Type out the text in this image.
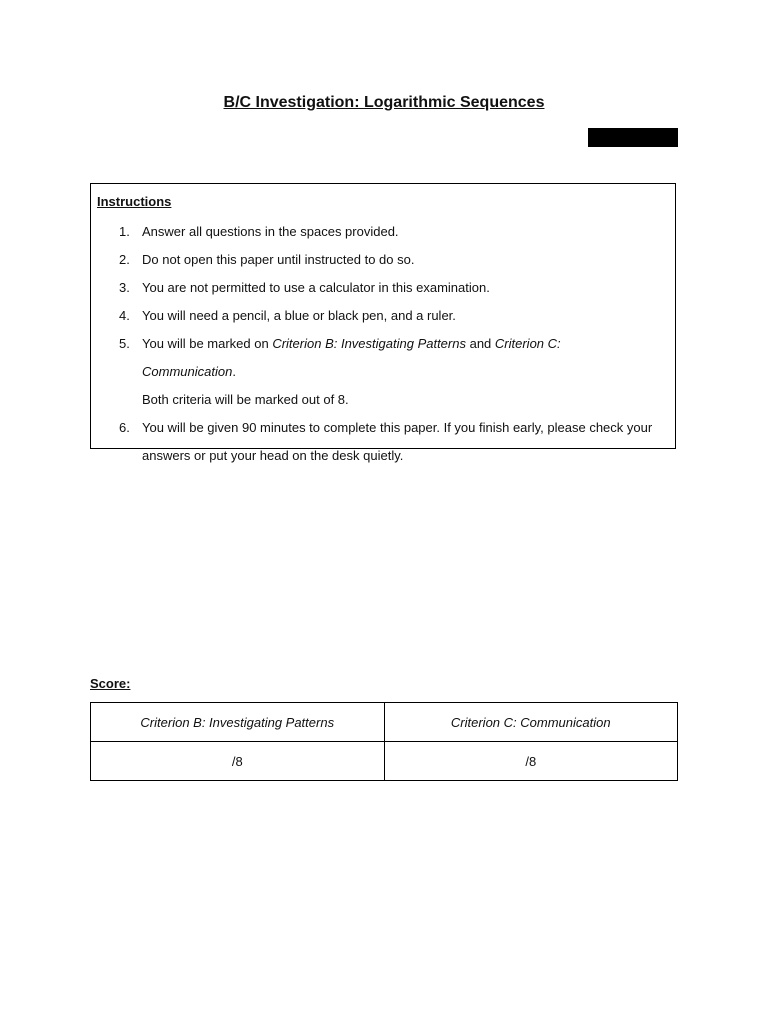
B/C Investigation: Logarithmic Sequences
Instructions
1. Answer all questions in the spaces provided.
2. Do not open this paper until instructed to do so.
3. You are not permitted to use a calculator in this examination.
4. You will need a pencil, a blue or black pen, and a ruler.
5. You will be marked on Criterion B: Investigating Patterns and Criterion C: Communication.
Both criteria will be marked out of 8.
6. You will be given 90 minutes to complete this paper. If you finish early, please check your answers or put your head on the desk quietly.
Score:
Criterion B: Investigating Patterns	Criterion C: Communication
/8	/8
